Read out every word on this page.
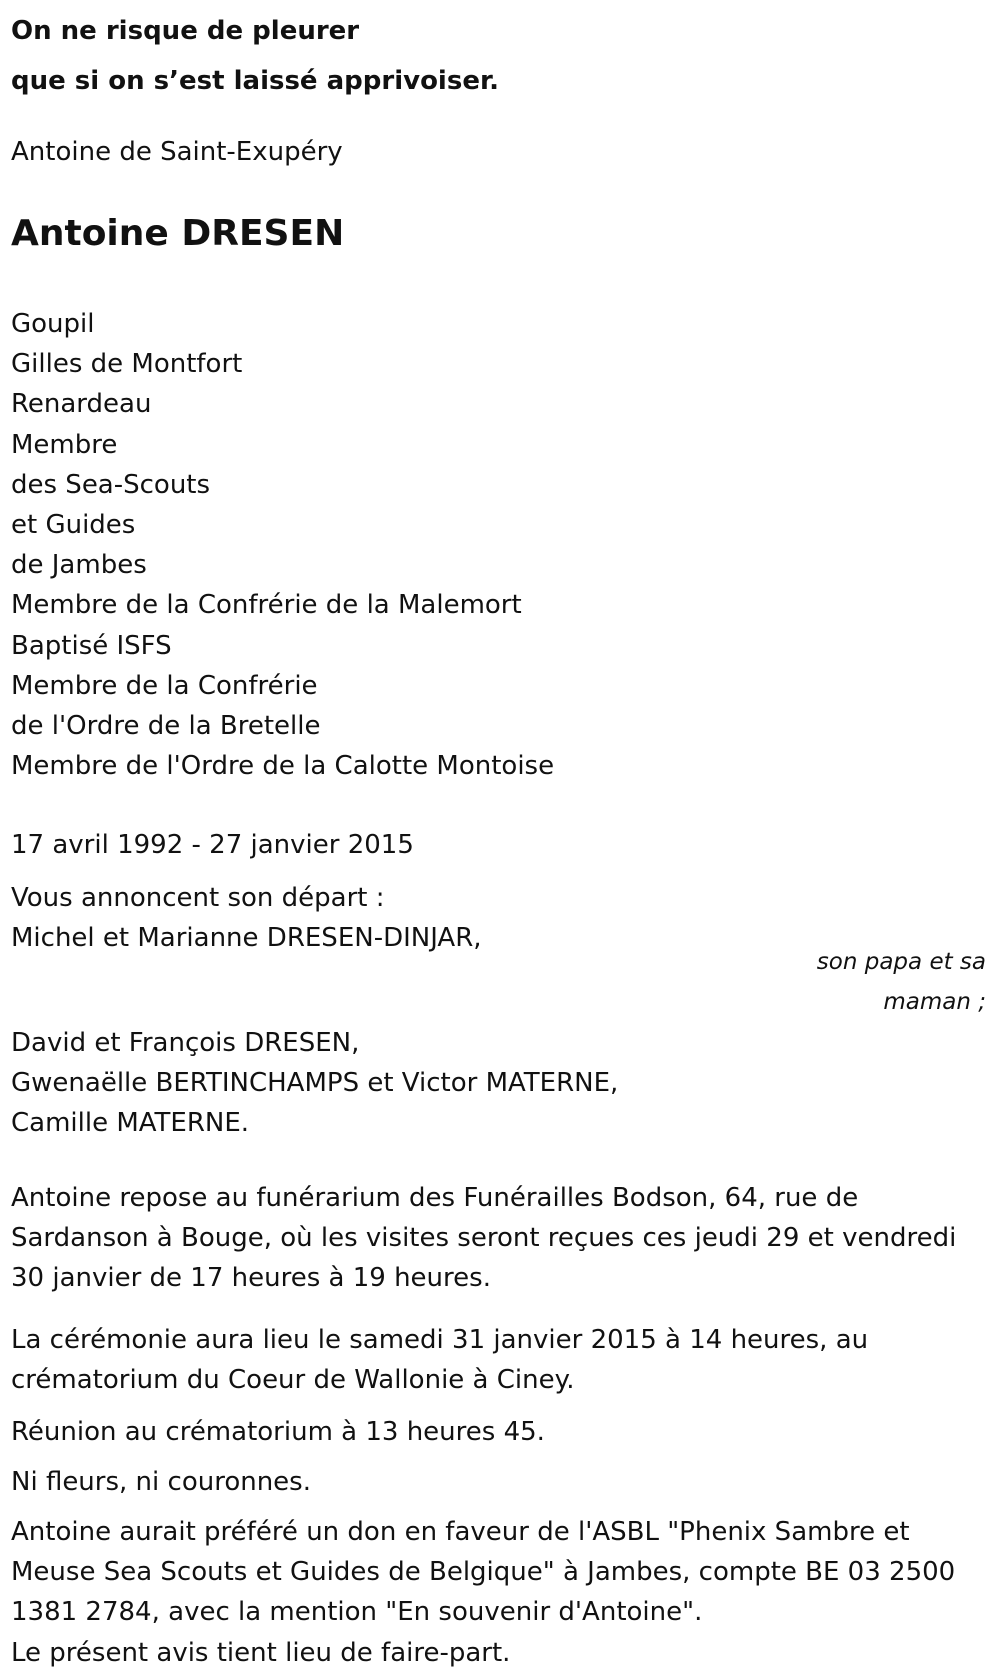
On ne risque de pleurer
que si on s’est laissé apprivoiser.

Antoine de Saint-Exupéry

Antoine DRESEN
Goupil
Gilles de Montfort
Renardeau
Membre
des Sea-Scouts
et Guides
de Jambes
Membre de la Confrérie de la Malemort
Baptisé ISFS
Membre de la Confrérie
de l'Ordre de la Bretelle
Membre de l'Ordre de la Calotte Montoise

17 avril 1992 - 27 janvier 2015

Vous annoncent son départ :
Michel et Marianne DRESEN-DINJAR,

son papa et sa
maman ;

David et François DRESEN,
Gwenaëlle BERTINCHAMPS et Victor MATERNE,
Camille MATERNE.

Antoine repose au funérarium des Funérailles Bodson, 64, rue de Sardanson à Bouge, où les visites seront reçues ces jeudi 29 et vendredi 30 janvier de 17 heures à 19 heures.

La cérémonie aura lieu le samedi 31 janvier 2015 à 14 heures, au crématorium du Coeur de Wallonie à Ciney.

Réunion au crématorium à 13 heures 45.

Ni fleurs, ni couronnes.

Antoine aurait préféré un don en faveur de l'ASBL "Phenix Sambre et Meuse Sea Scouts et Guides de Belgique" à Jambes, compte BE 03 2500 1381 2784, avec la mention "En souvenir d'Antoine".

Le présent avis tient lieu de faire-part.
